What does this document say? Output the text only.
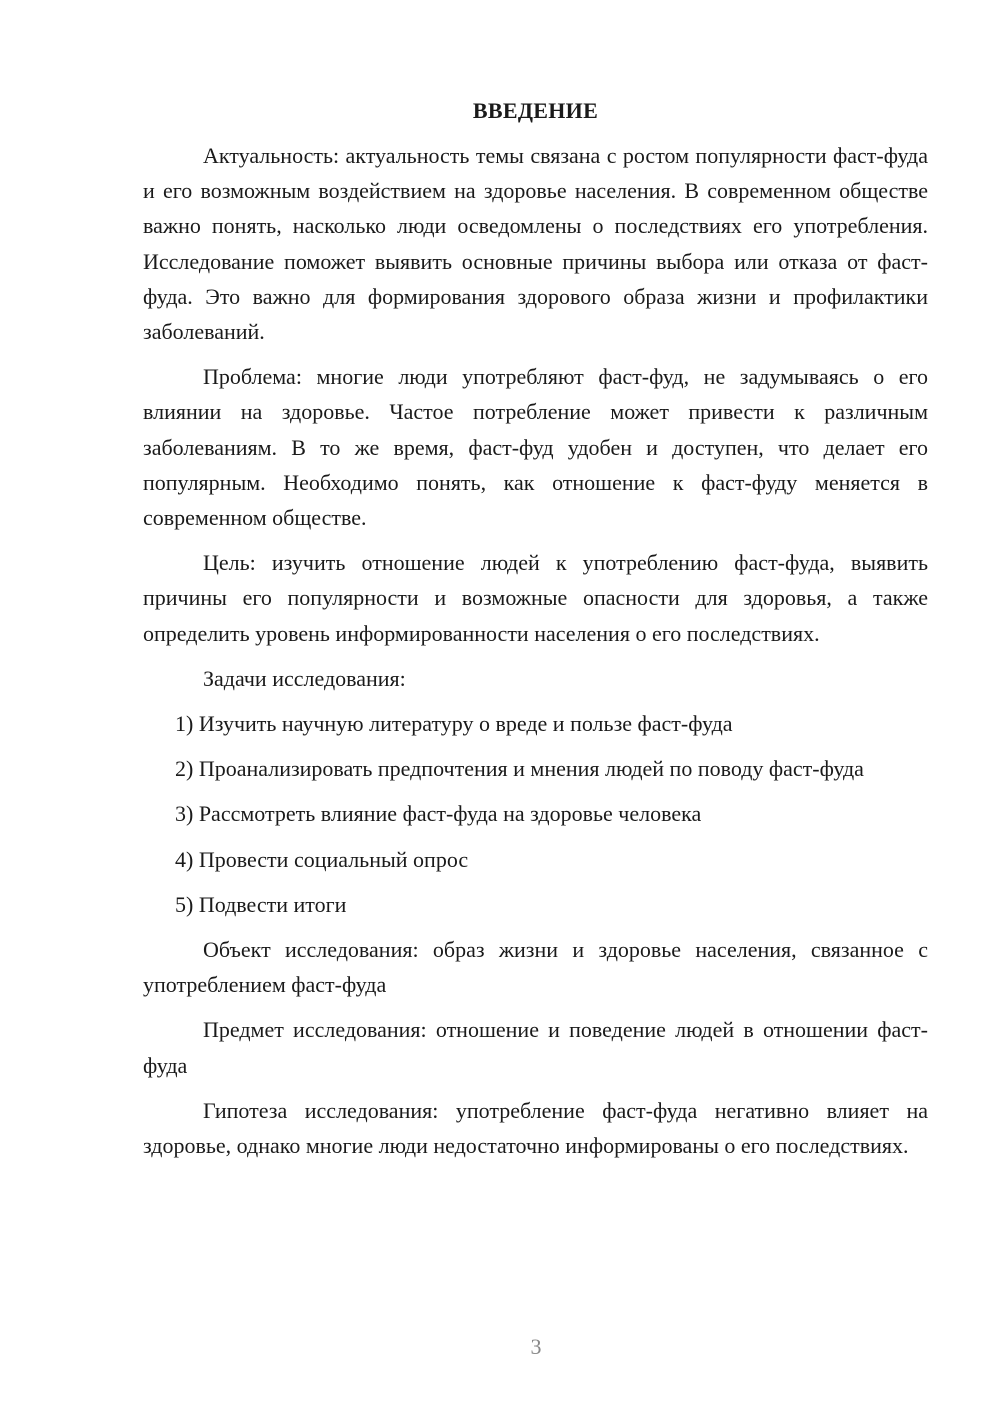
ВВЕДЕНИЕ

Актуальность: актуальность темы связана с ростом популярности фаст-фуда и его возможным воздействием на здоровье населения. В современном обществе важно понять, насколько люди осведомлены о последствиях его употребления. Исследование поможет выявить основные причины выбора или отказа от фаст-фуда. Это важно для формирования здорового образа жизни и профилактики заболеваний.

Проблема: многие люди употребляют фаст-фуд, не задумываясь о его влиянии на здоровье. Частое потребление может привести к различным заболеваниям. В то же время, фаст-фуд удобен и доступен, что делает его популярным. Необходимо понять, как отношение к фаст-фуду меняется в современном обществе.

Цель: изучить отношение людей к употреблению фаст-фуда, выявить причины его популярности и возможные опасности для здоровья, а также определить уровень информированности населения о его последствиях.

Задачи исследования:

1) Изучить научную литературу о вреде и пользе фаст-фуда

2) Проанализировать предпочтения и мнения людей по поводу фаст-фуда

3) Рассмотреть влияние фаст-фуда на здоровье человека

4) Провести социальный опрос

5) Подвести итоги

Объект исследования: образ жизни и здоровье населения, связанное с употреблением фаст-фуда

Предмет исследования: отношение и поведение людей в отношении фаст-фуда

Гипотеза исследования: употребление фаст-фуда негативно влияет на здоровье, однако многие люди недостаточно информированы о его последствиях.

3
